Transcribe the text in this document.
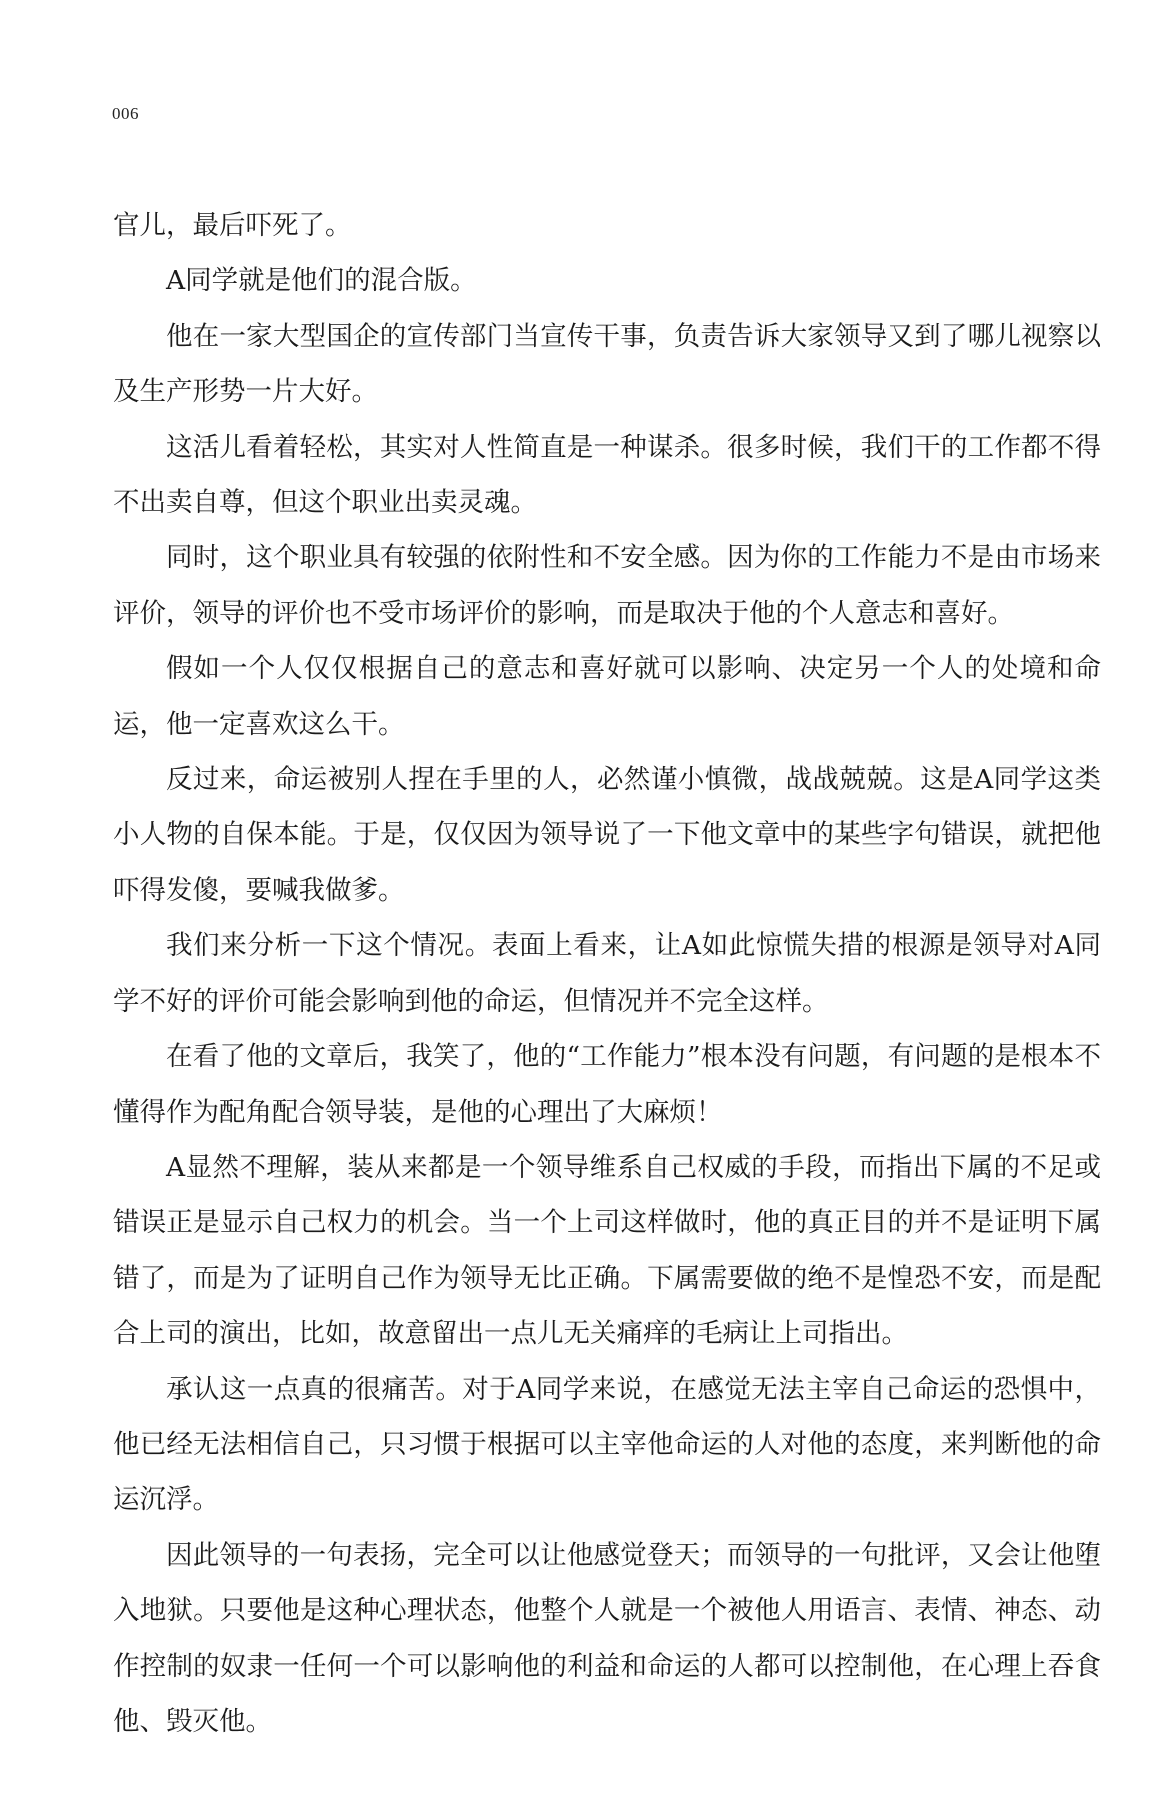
006

官儿，最后吓死了。

A同学就是他们的混合版。

他在一家大型国企的宣传部门当宣传干事，负责告诉大家领导又到了哪儿视察以及生产形势一片大好。

这活儿看着轻松，其实对人性简直是一种谋杀。很多时候，我们干的工作都不得不出卖自尊，但这个职业出卖灵魂。

同时，这个职业具有较强的依附性和不安全感。因为你的工作能力不是由市场来评价，领导的评价也不受市场评价的影响，而是取决于他的个人意志和喜好。

假如一个人仅仅根据自己的意志和喜好就可以影响、决定另一个人的处境和命运，他一定喜欢这么干。

反过来，命运被别人捏在手里的人，必然谨小慎微，战战兢兢。这是A同学这类小人物的自保本能。于是，仅仅因为领导说了一下他文章中的某些字句错误，就把他吓得发傻，要喊我做爹。

我们来分析一下这个情况。表面上看来，让A如此惊慌失措的根源是领导对A同学不好的评价可能会影响到他的命运，但情况并不完全这样。

在看了他的文章后，我笑了，他的“工作能力”根本没有问题，有问题的是根本不懂得作为配角配合领导装，是他的心理出了大麻烦！

A显然不理解，装从来都是一个领导维系自己权威的手段，而指出下属的不足或错误正是显示自己权力的机会。当一个上司这样做时，他的真正目的并不是证明下属错了，而是为了证明自己作为领导无比正确。下属需要做的绝不是惶恐不安，而是配合上司的演出，比如，故意留出一点儿无关痛痒的毛病让上司指出。

承认这一点真的很痛苦。对于A同学来说，在感觉无法主宰自己命运的恐惧中，他已经无法相信自己，只习惯于根据可以主宰他命运的人对他的态度，来判断他的命运沉浮。

因此领导的一句表扬，完全可以让他感觉登天；而领导的一句批评，又会让他堕入地狱。只要他是这种心理状态，他整个人就是一个被他人用语言、表情、神态、动作控制的奴隶一任何一个可以影响他的利益和命运的人都可以控制他，在心理上吞食他、毁灭他。
